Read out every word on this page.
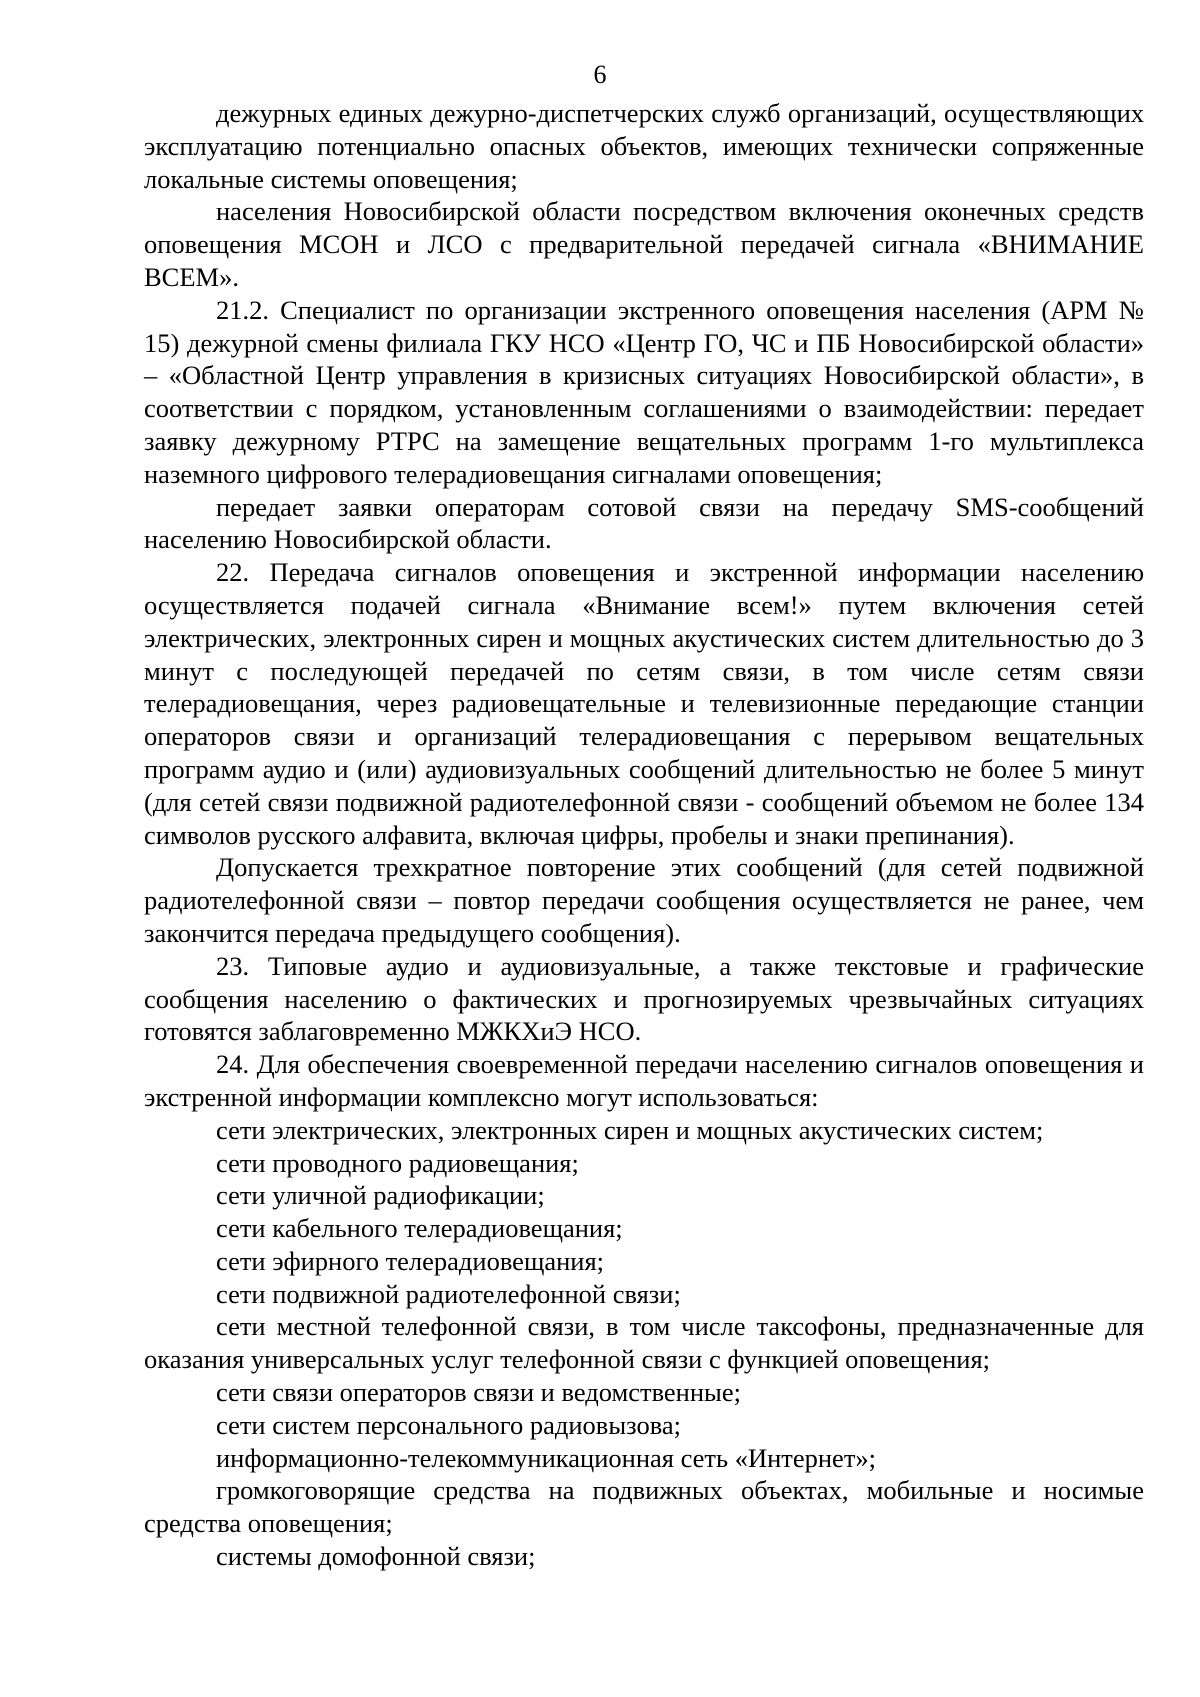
6

дежурных единых дежурно-диспетчерских служб организаций, осуществляющих эксплуатацию потенциально опасных объектов, имеющих технически сопряженные локальные системы оповещения;

населения Новосибирской области посредством включения оконечных средств оповещения МСОН и ЛСО с предварительной передачей сигнала «ВНИМАНИЕ ВСЕМ».

21.2. Специалист по организации экстренного оповещения населения (АРМ № 15) дежурной смены филиала ГКУ НСО «Центр ГО, ЧС и ПБ Новосибирской области» – «Областной Центр управления в кризисных ситуациях Новосибирской области», в соответствии с порядком, установленным соглашениями о взаимодействии: передает заявку дежурному РТРС на замещение вещательных программ 1-го мультиплекса наземного цифрового телерадиовещания сигналами оповещения;

передает заявки операторам сотовой связи на передачу SMS-сообщений населению Новосибирской области.

22. Передача сигналов оповещения и экстренной информации населению осуществляется подачей сигнала «Внимание всем!» путем включения сетей электрических, электронных сирен и мощных акустических систем длительностью до 3 минут с последующей передачей по сетям связи, в том числе сетям связи телерадиовещания, через радиовещательные и телевизионные передающие станции операторов связи и организаций телерадиовещания с перерывом вещательных программ аудио и (или) аудиовизуальных сообщений длительностью не более 5 минут (для сетей связи подвижной радиотелефонной связи - сообщений объемом не более 134 символов русского алфавита, включая цифры, пробелы и знаки препинания).

Допускается трехкратное повторение этих сообщений (для сетей подвижной радиотелефонной связи – повтор передачи сообщения осуществляется не ранее, чем закончится передача предыдущего сообщения).

23. Типовые аудио и аудиовизуальные, а также текстовые и графические сообщения населению о фактических и прогнозируемых чрезвычайных ситуациях готовятся заблаговременно МЖКХиЭ НСО.

24. Для обеспечения своевременной передачи населению сигналов оповещения и экстренной информации комплексно могут использоваться:

сети электрических, электронных сирен и мощных акустических систем;

сети проводного радиовещания;

сети уличной радиофикации;

сети кабельного телерадиовещания;

сети эфирного телерадиовещания;

сети подвижной радиотелефонной связи;

сети местной телефонной связи, в том числе таксофоны, предназначенные для оказания универсальных услуг телефонной связи с функцией оповещения;

сети связи операторов связи и ведомственные;

сети систем персонального радиовызова;

информационно-телекоммуникационная сеть «Интернет»;

громкоговорящие средства на подвижных объектах, мобильные и носимые средства оповещения;

системы домофонной связи;
